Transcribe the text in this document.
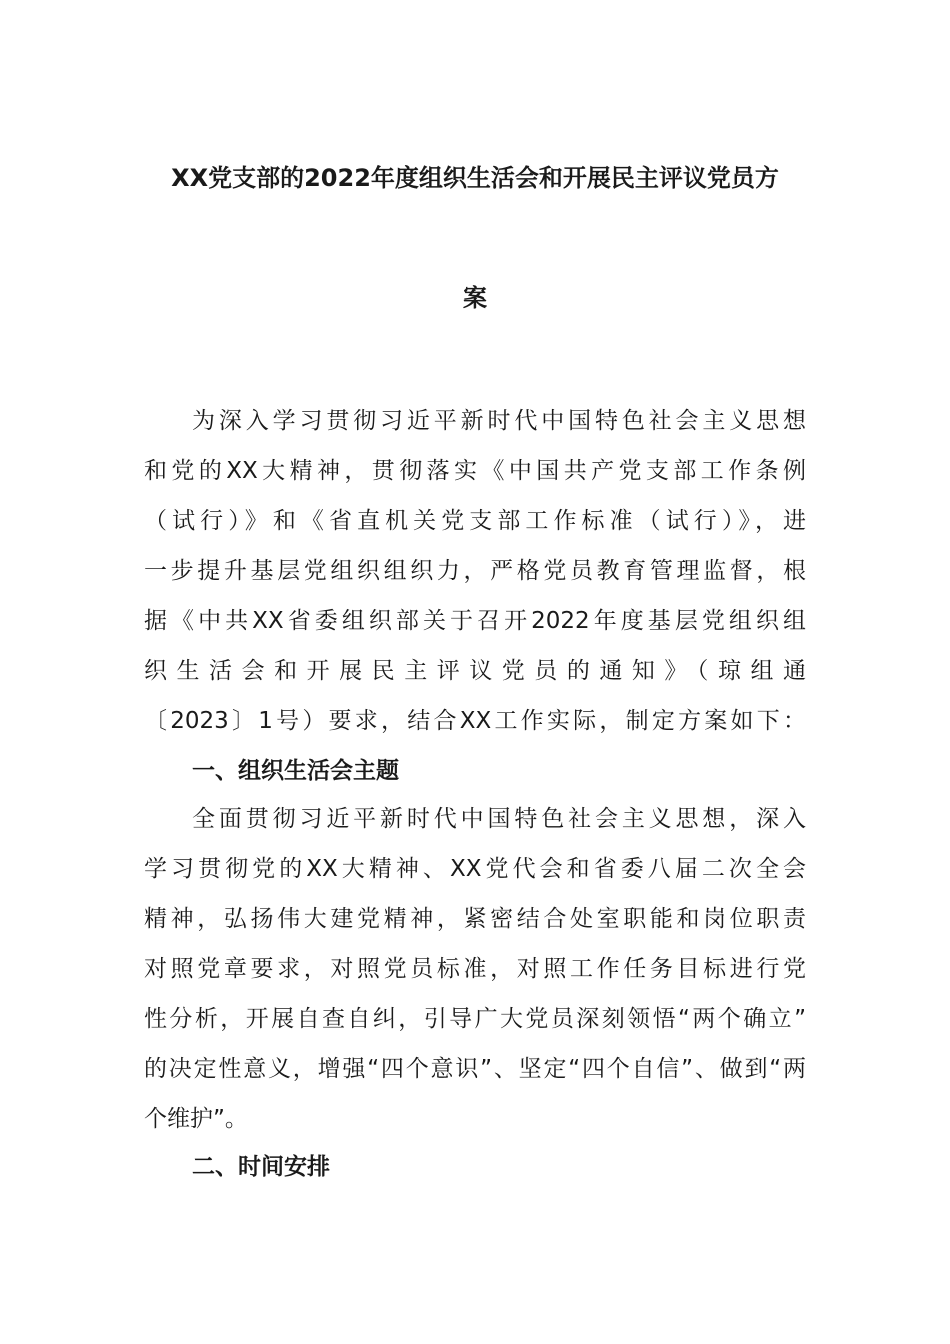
XX党支部的2022年度组织生活会和开展民主评议党员方
案
为深入学习贯彻习近平新时代中国特色社会主义思想
和党的XX大精神，贯彻落实《中国共产党支部工作条例
（试行）》和《省直机关党支部工作标准（试行）》，进
一步提升基层党组织组织力，严格党员教育管理监督，根
据《中共XX省委组织部关于召开2022年度基层党组织组
织生活会和开展民主评议党员的通知》（琼组通
〔2023〕1号）要求，结合XX工作实际，制定方案如下：
一、组织生活会主题
全面贯彻习近平新时代中国特色社会主义思想，深入
学习贯彻党的XX大精神、XX党代会和省委八届二次全会
精神，弘扬伟大建党精神，紧密结合处室职能和岗位职责
对照党章要求，对照党员标准，对照工作任务目标进行党
性分析，开展自查自纠，引导广大党员深刻领悟“两个确立”
的决定性意义，增强“四个意识”、坚定“四个自信”、做到“两
个维护”。
二、时间安排
